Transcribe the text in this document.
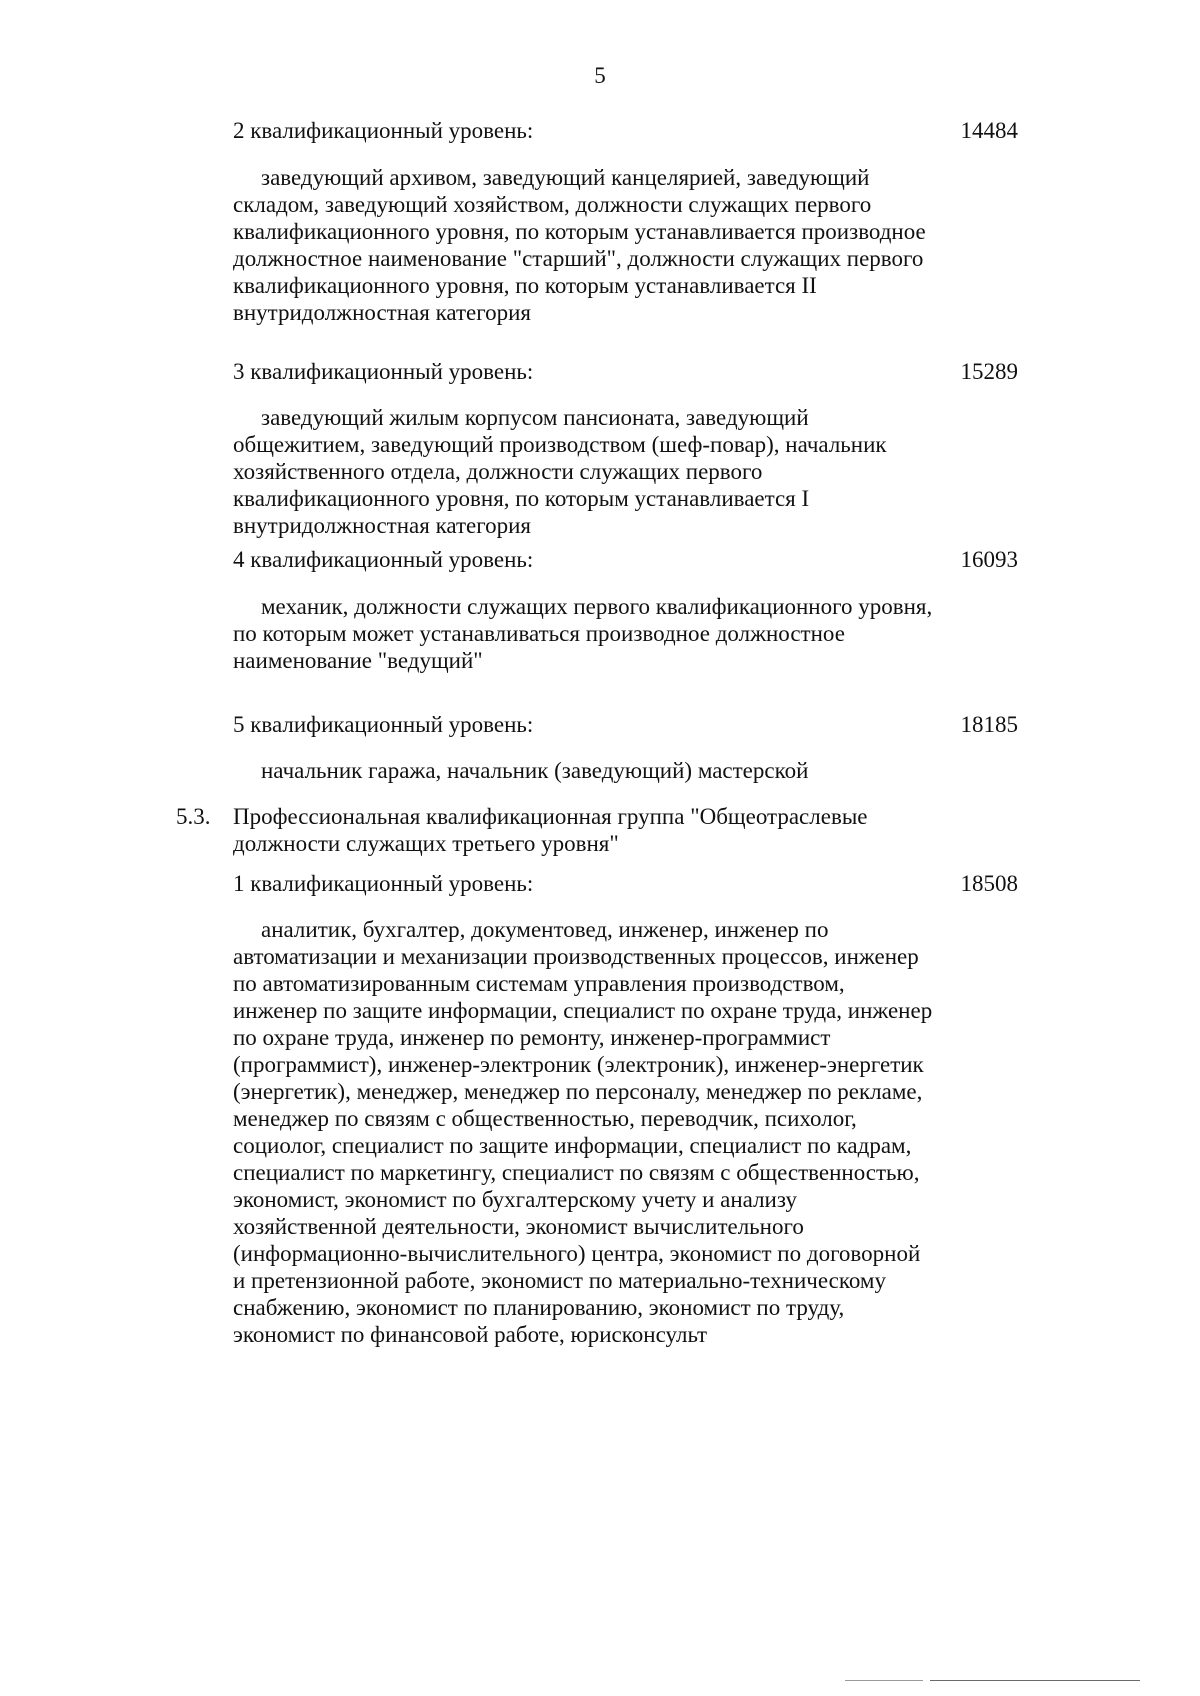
5
2 квалификационный уровень:	14484

заведующий архивом, заведующий канцелярией, заведующий складом, заведующий хозяйством, должности служащих первого квалификационного уровня, по которым устанавливается производное должностное наименование "старший", должности служащих первого квалификационного уровня, по которым устанавливается II внутридолжностная категория

3 квалификационный уровень:	15289

заведующий жилым корпусом пансионата, заведующий общежитием, заведующий производством (шеф-повар), начальник хозяйственного отдела, должности служащих первого квалификационного уровня, по которым устанавливается I внутридолжностная категория

4 квалификационный уровень:	16093

механик, должности служащих первого квалификационного уровня, по которым может устанавливаться производное должностное наименование "ведущий"

5 квалификационный уровень:	18185

начальник гаража, начальник (заведующий) мастерской

5.3. Профессиональная квалификационная группа "Общеотраслевые должности служащих третьего уровня"
1 квалификационный уровень:	18508

аналитик, бухгалтер, документовед, инженер, инженер по автоматизации и механизации производственных процессов, инженер по автоматизированным системам управления производством, инженер по защите информации, специалист по охране труда, инженер по охране труда, инженер по ремонту, инженер-программист (программист), инженер-электроник (электроник), инженер-энергетик (энергетик), менеджер, менеджер по персоналу, менеджер по рекламе, менеджер по связям с общественностью, переводчик, психолог, социолог, специалист по защите информации, специалист по кадрам, специалист по маркетингу, специалист по связям с общественностью, экономист, экономист по бухгалтерскому учету и анализу хозяйственной деятельности, экономист вычислительного (информационно-вычислительного) центра, экономист по договорной и претензионной работе, экономист по материально-техническому снабжению, экономист по планированию, экономист по труду, экономист по финансовой работе, юрисконсульт
